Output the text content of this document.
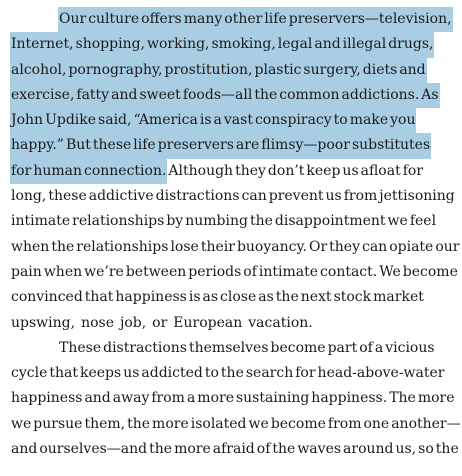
Our culture offers many other life preservers—television,
Internet, shopping, working, smoking, legal and illegal drugs,
alcohol, pornography, prostitution, plastic surgery, diets and
exercise, fatty and sweet foods—all the common addictions. As
John Updike said, “America is a vast conspiracy to make you
happy.” But these life preservers are flimsy—poor substitutes
for human connection. Although they don’t keep us afloat for
long, these addictive distractions can prevent us from jettisoning
intimate relationships by numbing the disappointment we feel
when the relationships lose their buoyancy. Or they can opiate our
pain when we’re between periods of intimate contact. We become
convinced that happiness is as close as the next stock market
upswing, nose job, or European vacation.
These distractions themselves become part of a vicious
cycle that keeps us addicted to the search for head-above-water
happiness and away from a more sustaining happiness. The more
we pursue them, the more isolated we become from one another—
and ourselves—and the more afraid of the waves around us, so the
